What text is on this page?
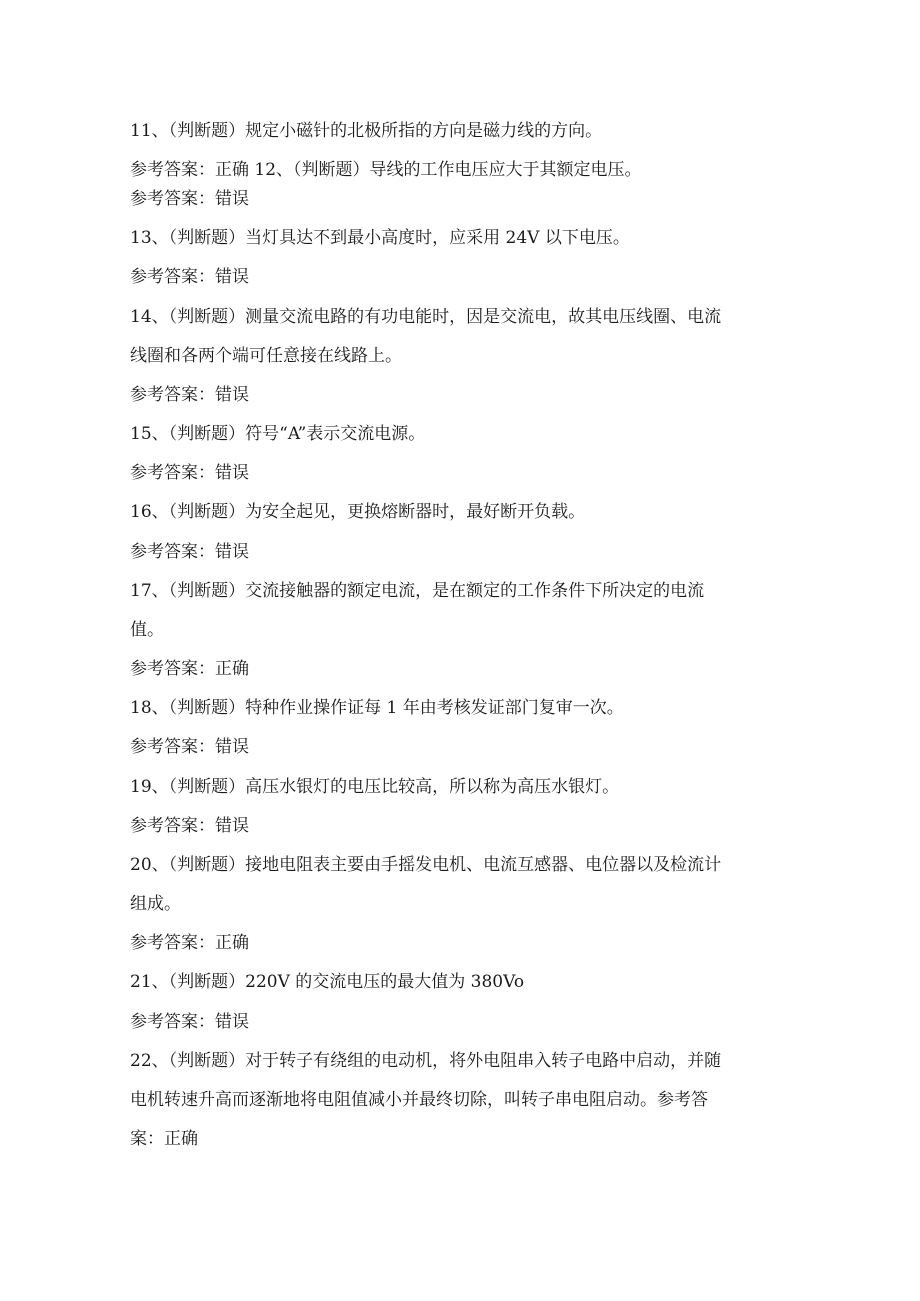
11、（判断题）规定小磁针的北极所指的方向是磁力线的方向。
参考答案：正确 12、（判断题）导线的工作电压应大于其额定电压。
参考答案：错误
13、（判断题）当灯具达不到最小高度时，应采用 24V 以下电压。
参考答案：错误
14、（判断题）测量交流电路的有功电能时，因是交流电，故其电压线圈、电流
线圈和各两个端可任意接在线路上。
参考答案：错误
15、（判断题）符号“A”表示交流电源。
参考答案：错误
16、（判断题）为安全起见，更换熔断器时，最好断开负载。
参考答案：错误
17、（判断题）交流接触器的额定电流，是在额定的工作条件下所决定的电流
值。
参考答案：正确
18、（判断题）特种作业操作证每 1 年由考核发证部门复审一次。
参考答案：错误
19、（判断题）高压水银灯的电压比较高，所以称为高压水银灯。
参考答案：错误
20、（判断题）接地电阻表主要由手摇发电机、电流互感器、电位器以及检流计
组成。
参考答案：正确
21、（判断题）220V 的交流电压的最大值为 380Vo
参考答案：错误
22、（判断题）对于转子有绕组的电动机，将外电阻串入转子电路中启动，并随
电机转速升高而逐渐地将电阻值减小并最终切除，叫转子串电阻启动。参考答
案：正确
